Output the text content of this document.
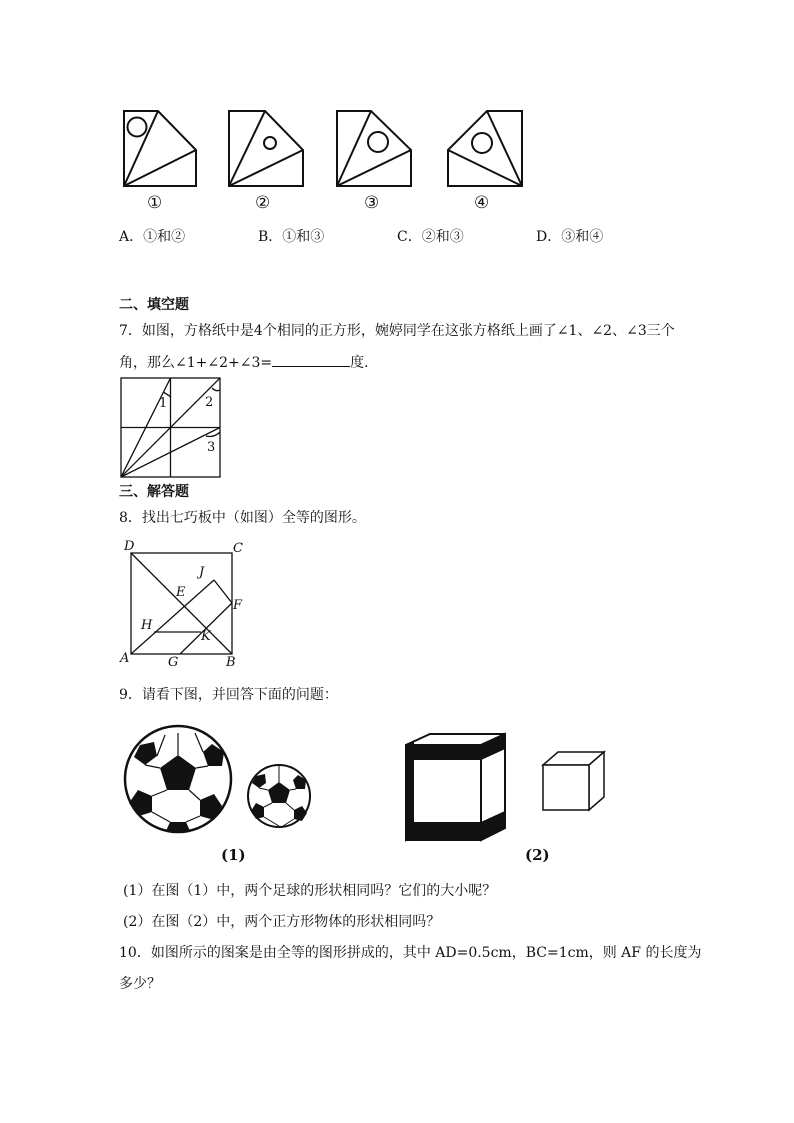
①	②	③	④
A．①和②	B．①和③	C．②和③	D．③和④
二、填空题
7．如图，方格纸中是4个相同的正方形，婉婷同学在这张方格纸上画了∠1、∠2、∠3三个
角，那么∠1+∠2+∠3=	度．
1	2
3
三、解答题
8．找出七巧板中（如图）全等的图形。
D	C
J
E
F
H
K
A	G	B
9．请看下图，并回答下面的问题：
(1)	(2)
(1）在图（1）中，两个足球的形状相同吗？它们的大小呢？
(2）在图（2）中，两个正方形物体的形状相同吗？
10．如图所示的图案是由全等的图形拼成的，其中 AD=0.5cm，BC=1cm，则 AF 的长度为
多少？
